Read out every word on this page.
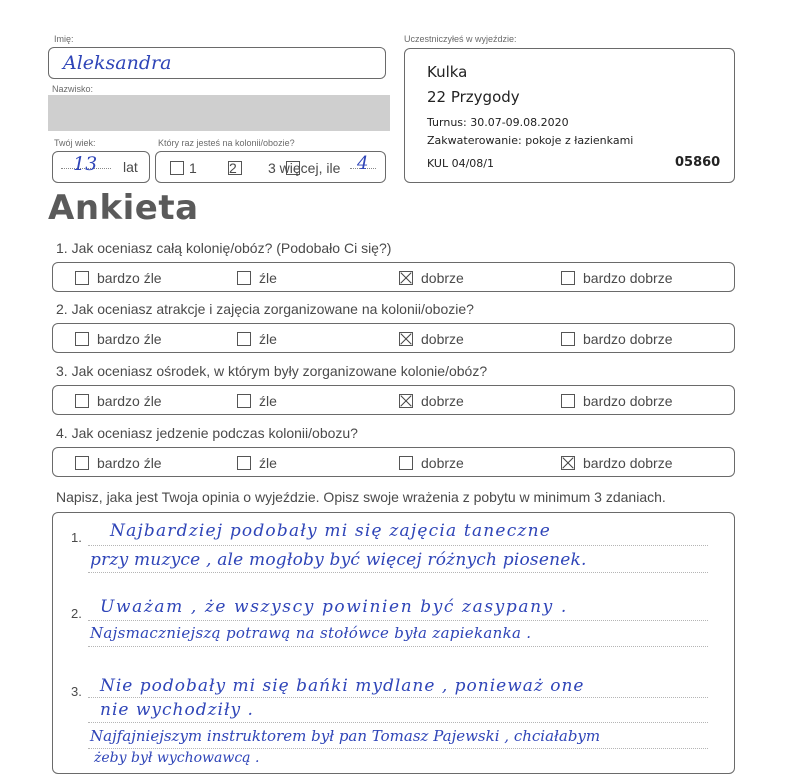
Imię:
Aleksandra
Nazwisko:
Twój wiek:
13 lat
Który raz jesteś na kolonii/obozie?

1
2 3 więcej, ile 4
Uczestniczyłeś w wyjeździe:
Kulka
22 Przygody
Turnus: 30.07-09.08.2020
Zakwaterowanie: pokoje z łazienkami
KUL 04/08/1	05860
Ankieta
1. Jak oceniasz całą kolonię/obóz? (Podobało Ci się?)
bardzo źle	źle	dobrze	bardzo dobrze
2. Jak oceniasz atrakcje i zajęcia zorganizowane na kolonii/obozie?
bardzo źle	źle	dobrze	bardzo dobrze
3. Jak oceniasz ośrodek, w którym były zorganizowane kolonie/obóz?
bardzo źle	źle	dobrze	bardzo dobrze
4. Jak oceniasz jedzenie podczas kolonii/obozu?
bardzo źle	źle	dobrze	bardzo dobrze
Napisz, jaka jest Twoja opinia o wyjeździe. Opisz swoje wrażenia z pobytu w minimum 3 zdaniach.
1.
2.
3.
Najbardziej podobały mi się zajęcia taneczne
przy muzyce , ale mogłoby być więcej różnych piosenek.
Uważam , że wszyscy powinien być zasypany .
Najsmaczniejszą potrawą na stołówce była zapiekanka .
Nie podobały mi się bańki mydlane , ponieważ one
nie wychodziły .
Najfajniejszym instruktorem był pan Tomasz Pajewski , chciałabym
żeby był wychowawcą .
